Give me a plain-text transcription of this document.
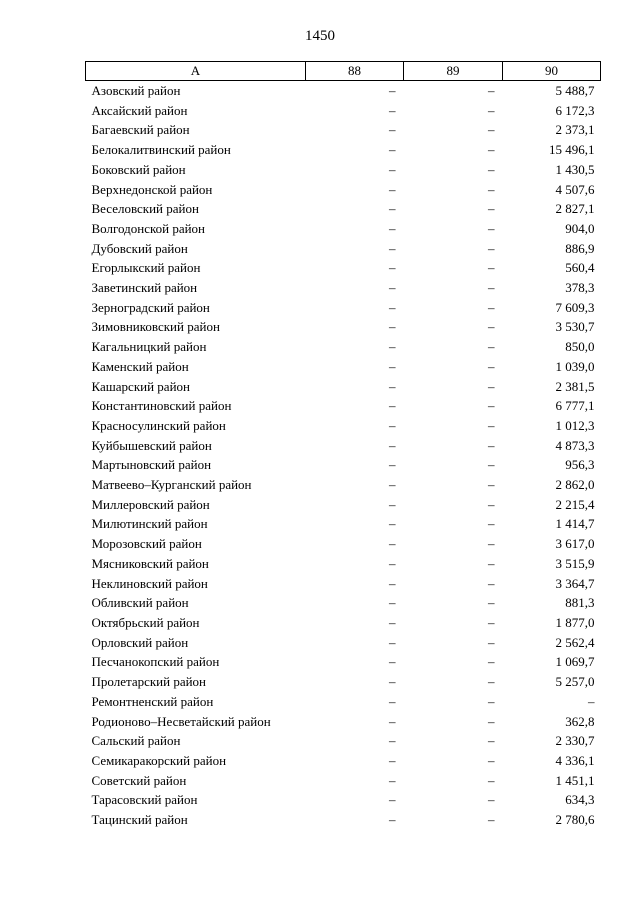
1450
А	88	89	90
Азовский район	–	–	5 488,7
Аксайский район	–	–	6 172,3
Багаевский район	–	–	2 373,1
Белокалитвинский район	–	–	15 496,1
Боковский район	–	–	1 430,5
Верхнедонской район	–	–	4 507,6
Веселовский район	–	–	2 827,1
Волгодонской район	–	–	904,0
Дубовский район	–	–	886,9
Егорлыкский район	–	–	560,4
Заветинский район	–	–	378,3
Зерноградский район	–	–	7 609,3
Зимовниковский район	–	–	3 530,7
Кагальницкий район	–	–	850,0
Каменский район	–	–	1 039,0
Кашарский район	–	–	2 381,5
Константиновский район	–	–	6 777,1
Красносулинский район	–	–	1 012,3
Куйбышевский район	–	–	4 873,3
Мартыновский район	–	–	956,3
Матвеево–Курганский район	–	–	2 862,0
Миллеровский район	–	–	2 215,4
Милютинский район	–	–	1 414,7
Морозовский район	–	–	3 617,0
Мясниковский район	–	–	3 515,9
Неклиновский район	–	–	3 364,7
Обливский район	–	–	881,3
Октябрьский район	–	–	1 877,0
Орловский район	–	–	2 562,4
Песчанокопский район	–	–	1 069,7
Пролетарский район	–	–	5 257,0
Ремонтненский район	–	–	–
Родионово–Несветайский район	–	–	362,8
Сальский район	–	–	2 330,7
Семикаракорский район	–	–	4 336,1
Советский район	–	–	1 451,1
Тарасовский район	–	–	634,3
Тацинский район	–	–	2 780,6
